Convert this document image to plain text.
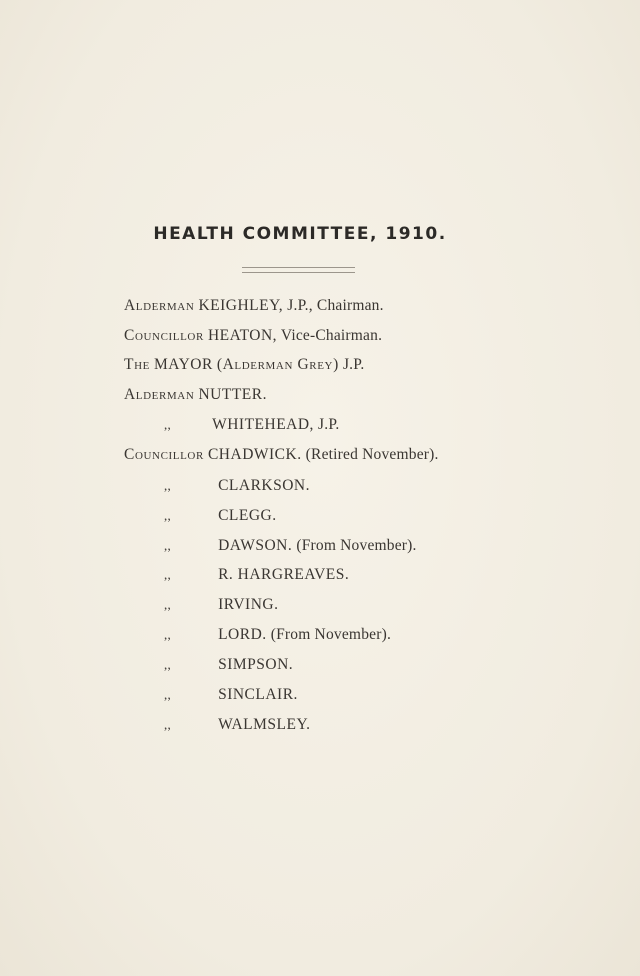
HEALTH COMMITTEE, 1910.
Alderman KEIGHLEY, J.P., Chairman.
Councillor HEATON, Vice-Chairman.
The MAYOR (Alderman Grey) J.P.
Alderman NUTTER.
,,	WHITEHEAD, J.P.
Councillor CHADWICK. (Retired November).
,,	CLARKSON.
,,	CLEGG.
,,	DAWSON. (From November).
,,	R. HARGREAVES.
,,	IRVING.
,,	LORD. (From November).
,,	SIMPSON.
,,	SINCLAIR.
,,	WALMSLEY.
